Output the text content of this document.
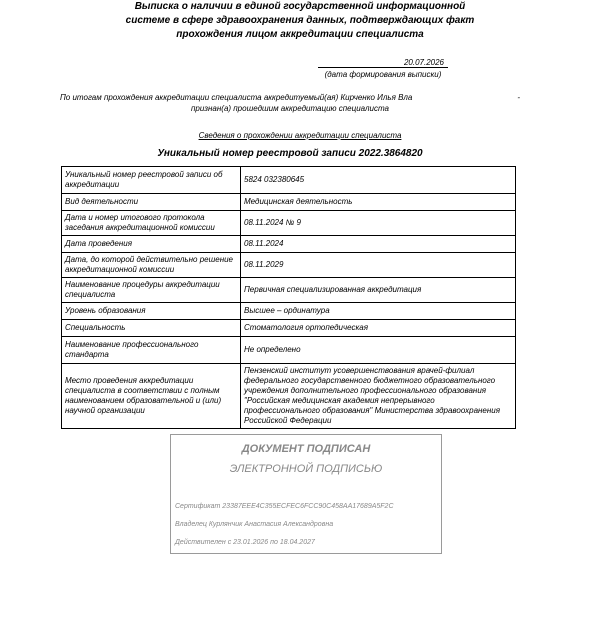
Выписка о наличии в единой государственной информационной
системе в сфере здравоохранения данных, подтверждающих факт
прохождения лицом аккредитации специалиста
20.07.2026
(дата формирования выписки)
По итогам прохождения аккредитации специалиста аккредитуемый(ая) Кирченко Илья Вла	-
признан(а) прошедшим аккредитацию специалиста
Сведения о прохождении аккредитации специалиста
Уникальный номер реестровой записи 2022.3864820
Уникальный номер реестровой записи об аккредитации	5824 032380645
Вид деятельности	Медицинская деятельность
Дата и номер итогового протокола заседания аккредитационной комиссии	08.11.2024 № 9
Дата проведения	08.11.2024
Дата, до которой действительно решение аккредитационной комиссии	08.11.2029
Наименование процедуры аккредитации специалиста	Первичная специализированная аккредитация
Уровень образования	Высшее – ординатура
Специальность	Стоматология ортопедическая
Наименование профессионального стандарта	Не определено
Место проведения аккредитации специалиста в соответствии с полным наименованием образовательной и (или) научной организации	Пензенский институт усовершенствования врачей-филиал федерального государственного бюджетного образовательного учреждения дополнительного профессионального образования "Российская медицинская академия непрерывного профессионального образования" Министерства здравоохранения Российской Федерации
ДОКУМЕНТ ПОДПИСАН
ЭЛЕКТРОННОЙ ПОДПИСЬЮ
Сертификат 23387EEE4C355ECFEC6FCC90C458AA17689A5F2C
Владелец Курлянчик Анастасия Александровна
Действителен с 23.01.2026 по 18.04.2027
